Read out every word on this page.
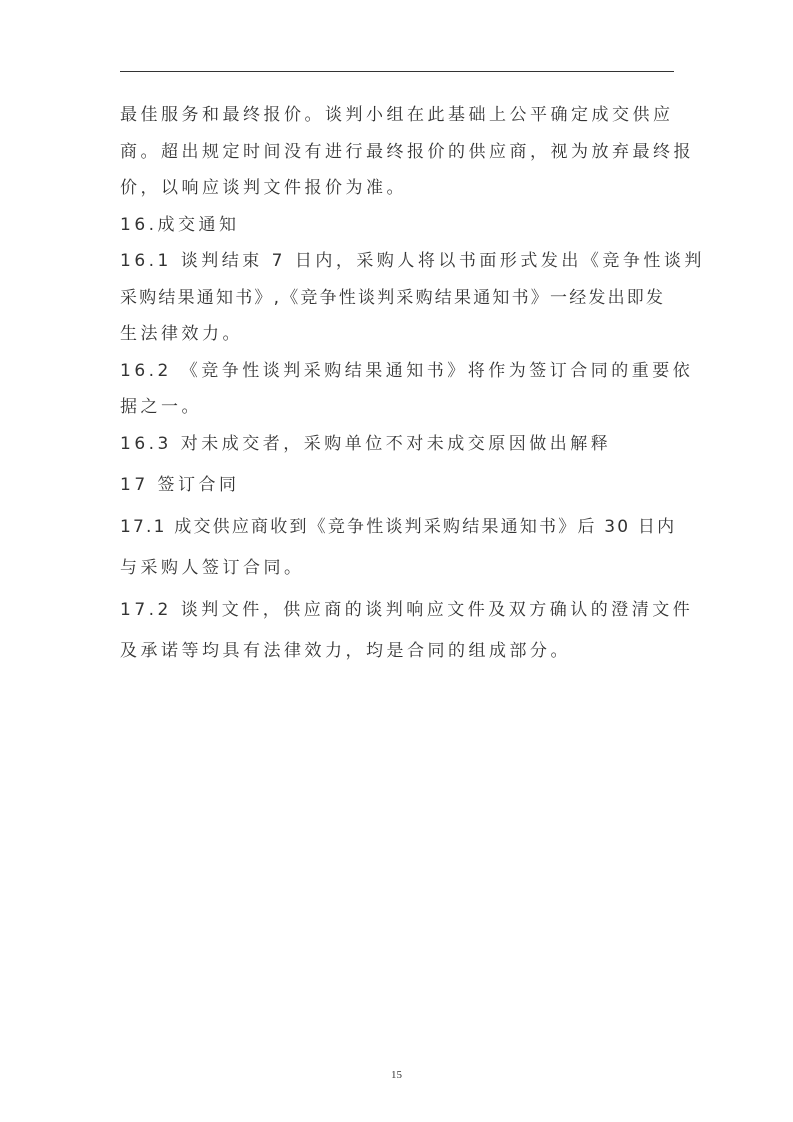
最佳服务和最终报价。谈判小组在此基础上公平确定成交供应

商。超出规定时间没有进行最终报价的供应商，视为放弃最终报

价，以响应谈判文件报价为准。

16.成交通知

16.1 谈判结束 7 日内，采购人将以书面形式发出《竞争性谈判

采购结果通知书》,《竞争性谈判采购结果通知书》一经发出即发

生法律效力。

16.2 《竞争性谈判采购结果通知书》将作为签订合同的重要依

据之一。

16.3 对未成交者，采购单位不对未成交原因做出解释

17 签订合同

17.1 成交供应商收到《竞争性谈判采购结果通知书》后 30 日内

与采购人签订合同。

17.2 谈判文件，供应商的谈判响应文件及双方确认的澄清文件

及承诺等均具有法律效力，均是合同的组成部分。

15
